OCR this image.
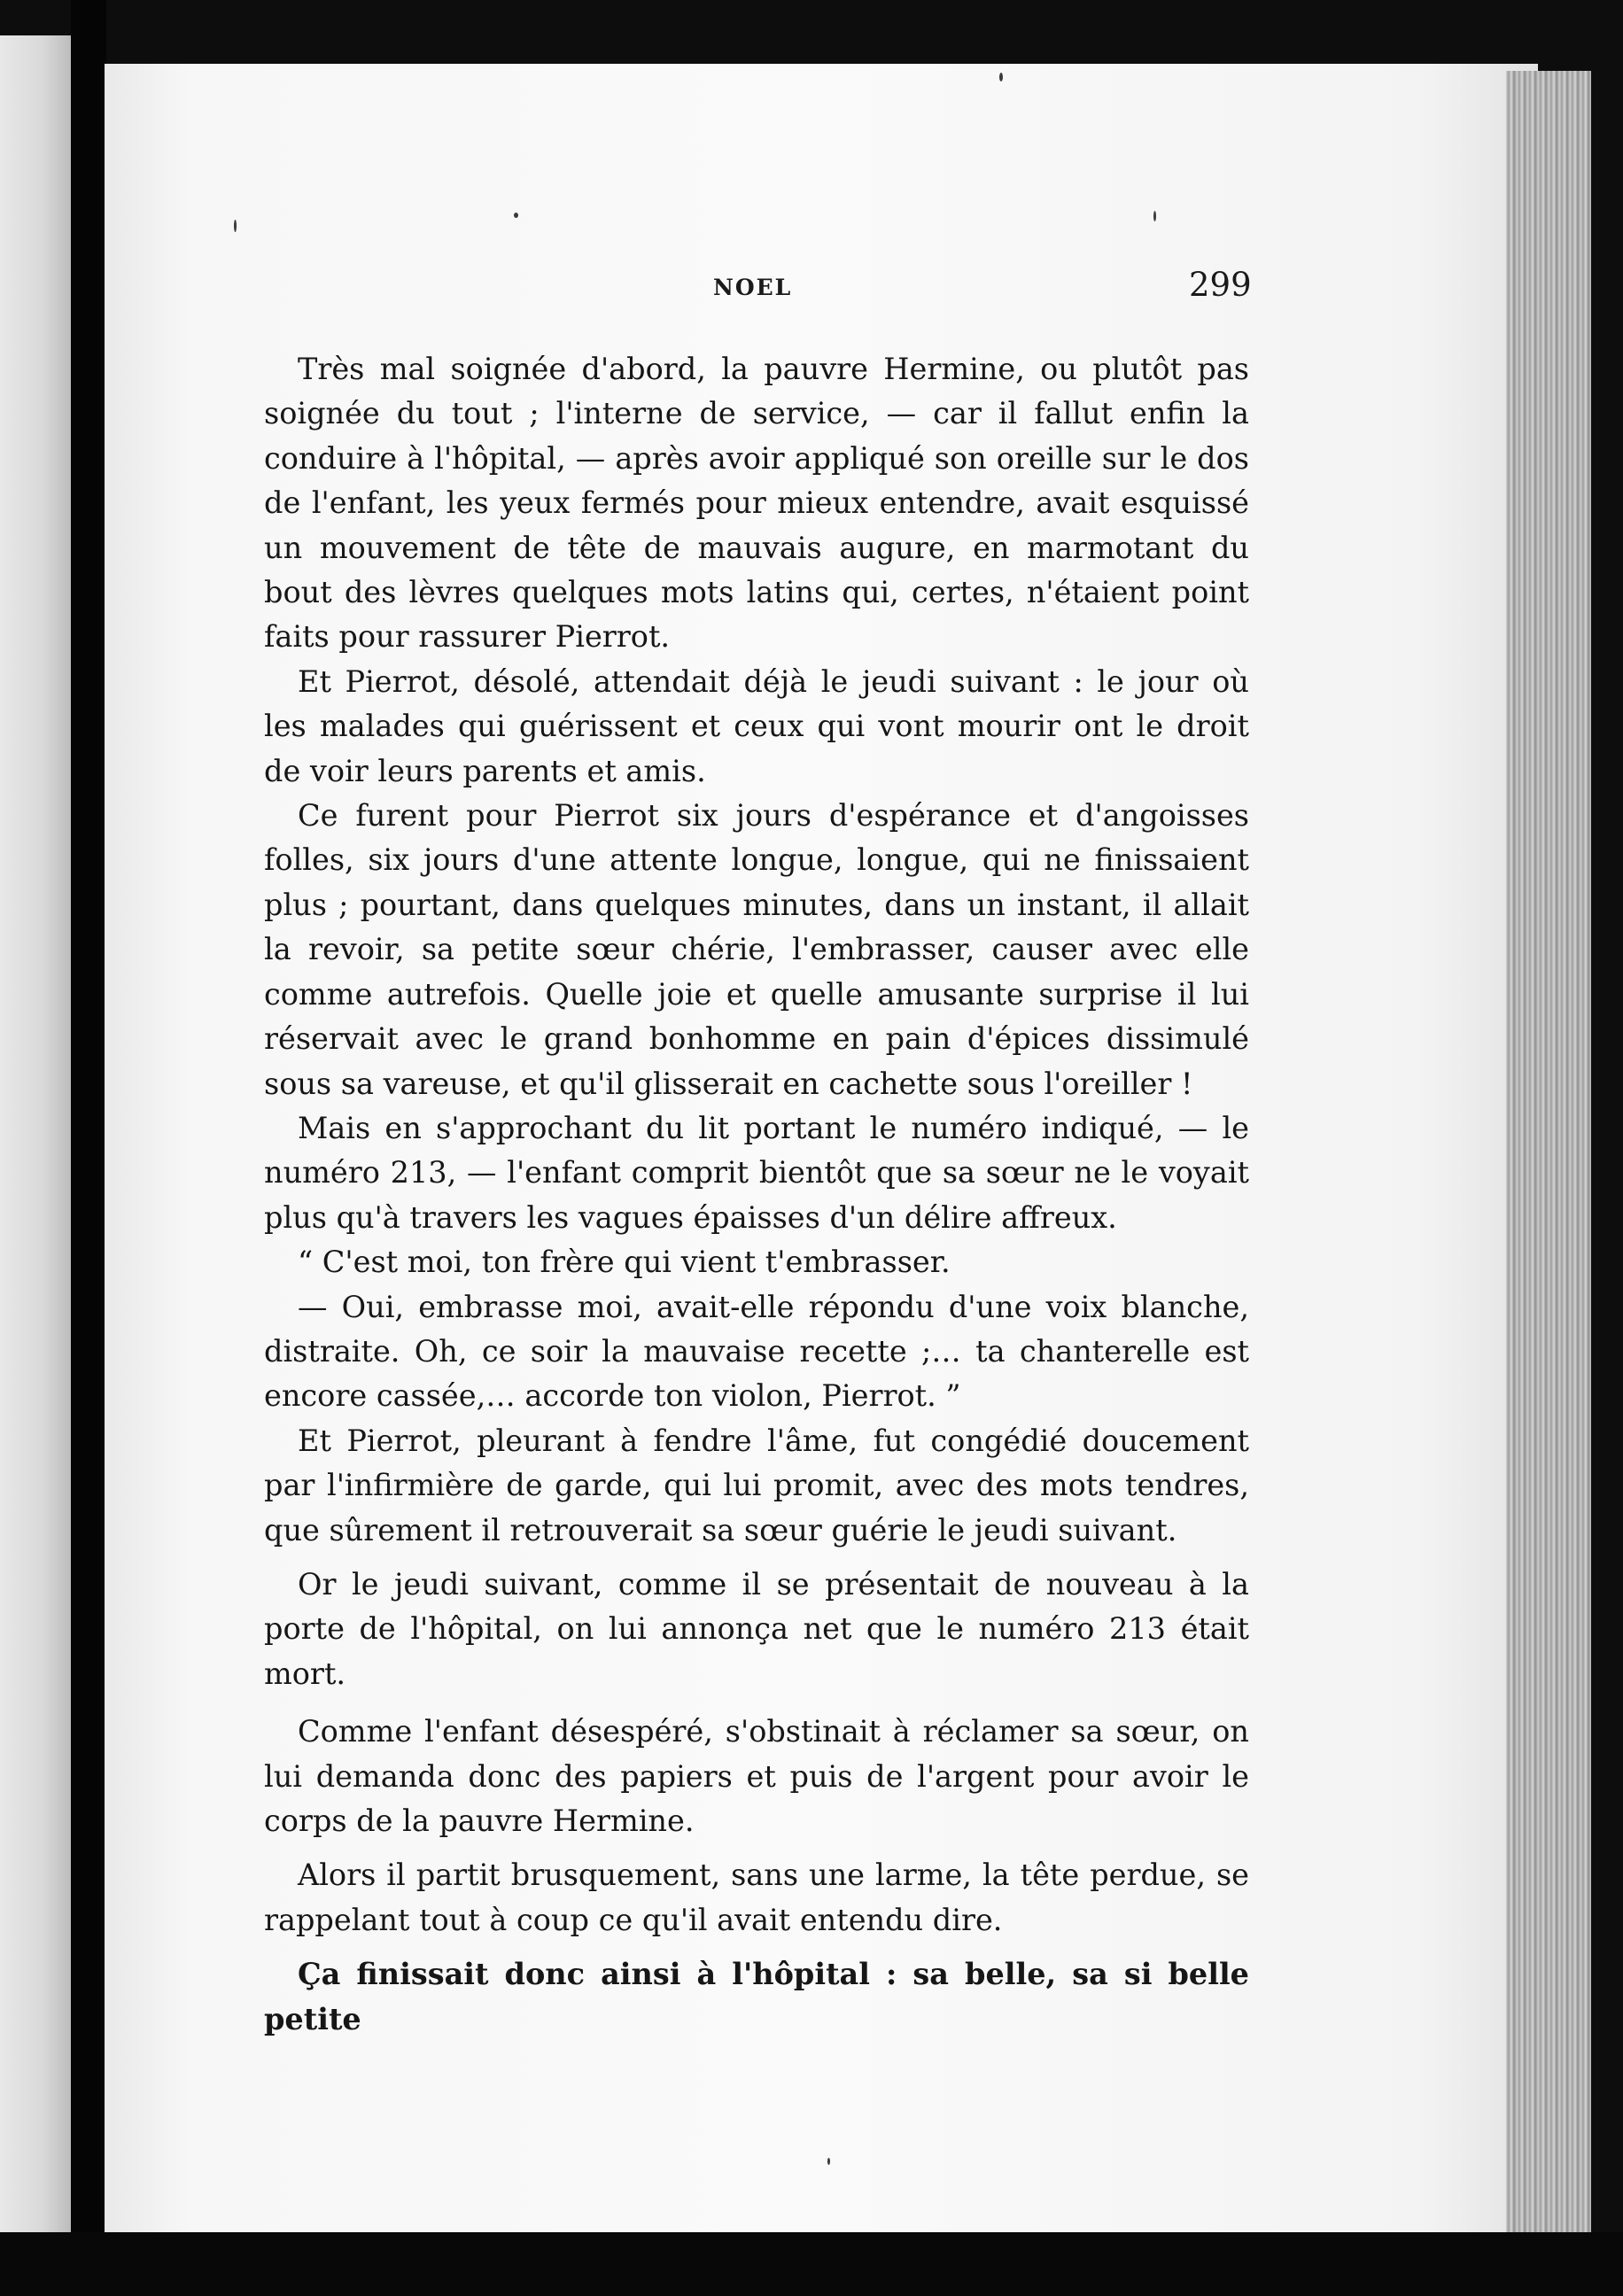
NOEL	299

Très mal soignée d'abord, la pauvre Hermine, ou plutôt pas soignée du tout ; l'interne de service, — car il fallut enfin la conduire à l'hôpital, — après avoir appliqué son oreille sur le dos de l'enfant, les yeux fermés pour mieux entendre, avait esquissé un mouvement de tête de mauvais augure, en marmotant du bout des lèvres quelques mots latins qui, certes, n'étaient point faits pour rassurer Pierrot.

Et Pierrot, désolé, attendait déjà le jeudi suivant : le jour où les malades qui guérissent et ceux qui vont mourir ont le droit de voir leurs parents et amis.

Ce furent pour Pierrot six jours d'espérance et d'angoisses folles, six jours d'une attente longue, longue, qui ne finissaient plus ; pourtant, dans quelques minutes, dans un instant, il allait la revoir, sa petite sœur chérie, l'embrasser, causer avec elle comme autrefois. Quelle joie et quelle amusante surprise il lui réservait avec le grand bonhomme en pain d'épices dissimulé sous sa vareuse, et qu'il glisserait en cachette sous l'oreiller !

Mais en s'approchant du lit portant le numéro indiqué, — le numéro 213, — l'enfant comprit bientôt que sa sœur ne le voyait plus qu'à travers les vagues épaisses d'un délire affreux.

“ C'est moi, ton frère qui vient t'embrasser.

— Oui, embrasse moi, avait-elle répondu d'une voix blanche, distraite. Oh, ce soir la mauvaise recette ;… ta chanterelle est encore cassée,… accorde ton violon, Pierrot. ”

Et Pierrot, pleurant à fendre l'âme, fut congédié doucement par l'infirmière de garde, qui lui promit, avec des mots tendres, que sûrement il retrouverait sa sœur guérie le jeudi suivant.

Or le jeudi suivant, comme il se présentait de nouveau à la porte de l'hôpital, on lui annonça net que le numéro 213 était mort.

Comme l'enfant désespéré, s'obstinait à réclamer sa sœur, on lui demanda donc des papiers et puis de l'argent pour avoir le corps de la pauvre Hermine.

Alors il partit brusquement, sans une larme, la tête perdue, se rappelant tout à coup ce qu'il avait entendu dire.

Ça finissait donc ainsi à l'hôpital : sa belle, sa si belle petite
